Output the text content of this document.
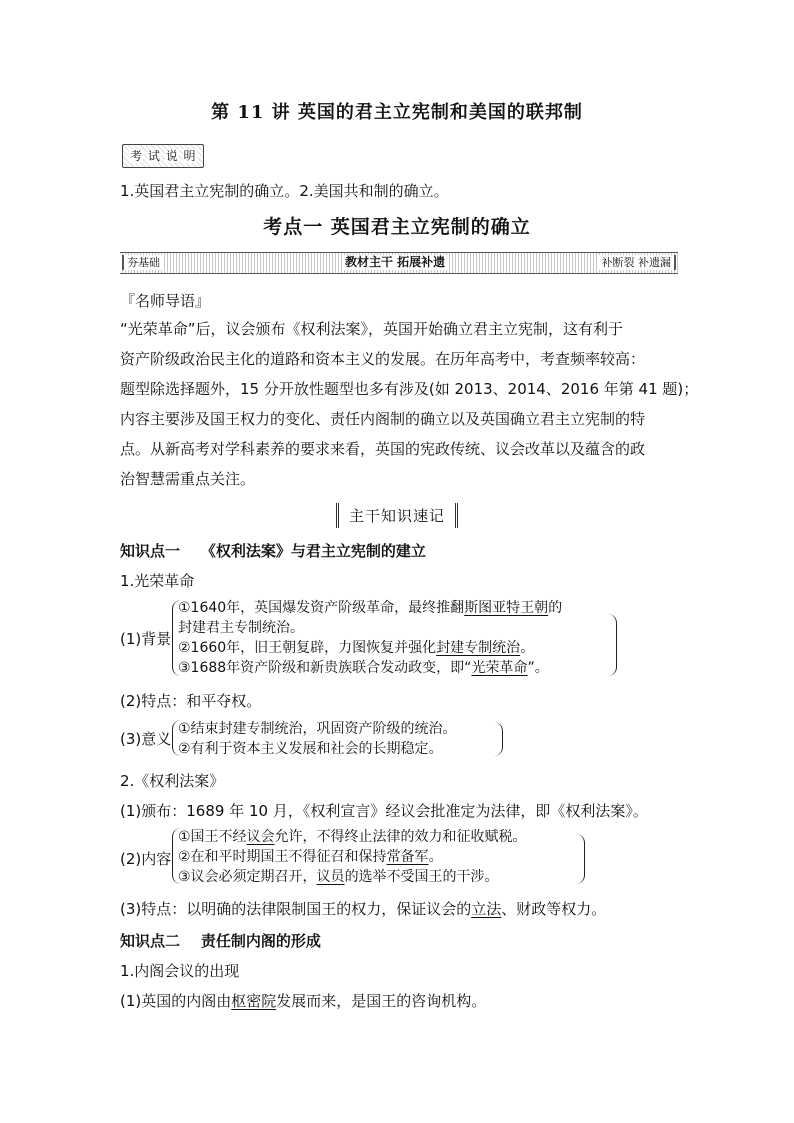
第 11 讲 英国的君主立宪制和美国的联邦制
考 试 说 明
1.英国君主立宪制的确立。2.美国共和制的确立。
考点一 英国君主立宪制的确立
夯基础	教材主干 拓展补遗	补断裂 补遗漏
『名师导语』
“光荣革命”后，议会颁布《权利法案》，英国开始确立君主立宪制，这有利于
资产阶级政治民主化的道路和资本主义的发展。在历年高考中，考查频率较高：
题型除选择题外，15 分开放性题型也多有涉及(如 2013、2014、2016 年第 41 题)；
内容主要涉及国王权力的变化、责任内阁制的确立以及英国确立君主立宪制的特
点。从新高考对学科素养的要求来看，英国的宪政传统、议会改革以及蕴含的政
治智慧需重点关注。
主干知识速记
知识点一 《权利法案》与君主立宪制的建立
1.光荣革命
(1)背景
①1640年，英国爆发资产阶级革命，最终推翻斯图亚特王朝的
封建君主专制统治。
②1660年，旧王朝复辟，力图恢复并强化封建专制统治。
③1688年资产阶级和新贵族联合发动政变，即“光荣革命”。
(2)特点：和平夺权。
(3)意义
①结束封建专制统治，巩固资产阶级的统治。
②有利于资本主义发展和社会的长期稳定。
2.《权利法案》
(1)颁布：1689 年 10 月，《权利宣言》经议会批准定为法律，即《权利法案》。
(2)内容
①国王不经议会允许，不得终止法律的效力和征收赋税。
②在和平时期国王不得征召和保持常备军。
③议会必须定期召开，议员的选举不受国王的干涉。
(3)特点：以明确的法律限制国王的权力，保证议会的立法、财政等权力。
知识点二 责任制内阁的形成
1.内阁会议的出现
(1)英国的内阁由枢密院发展而来，是国王的咨询机构。
